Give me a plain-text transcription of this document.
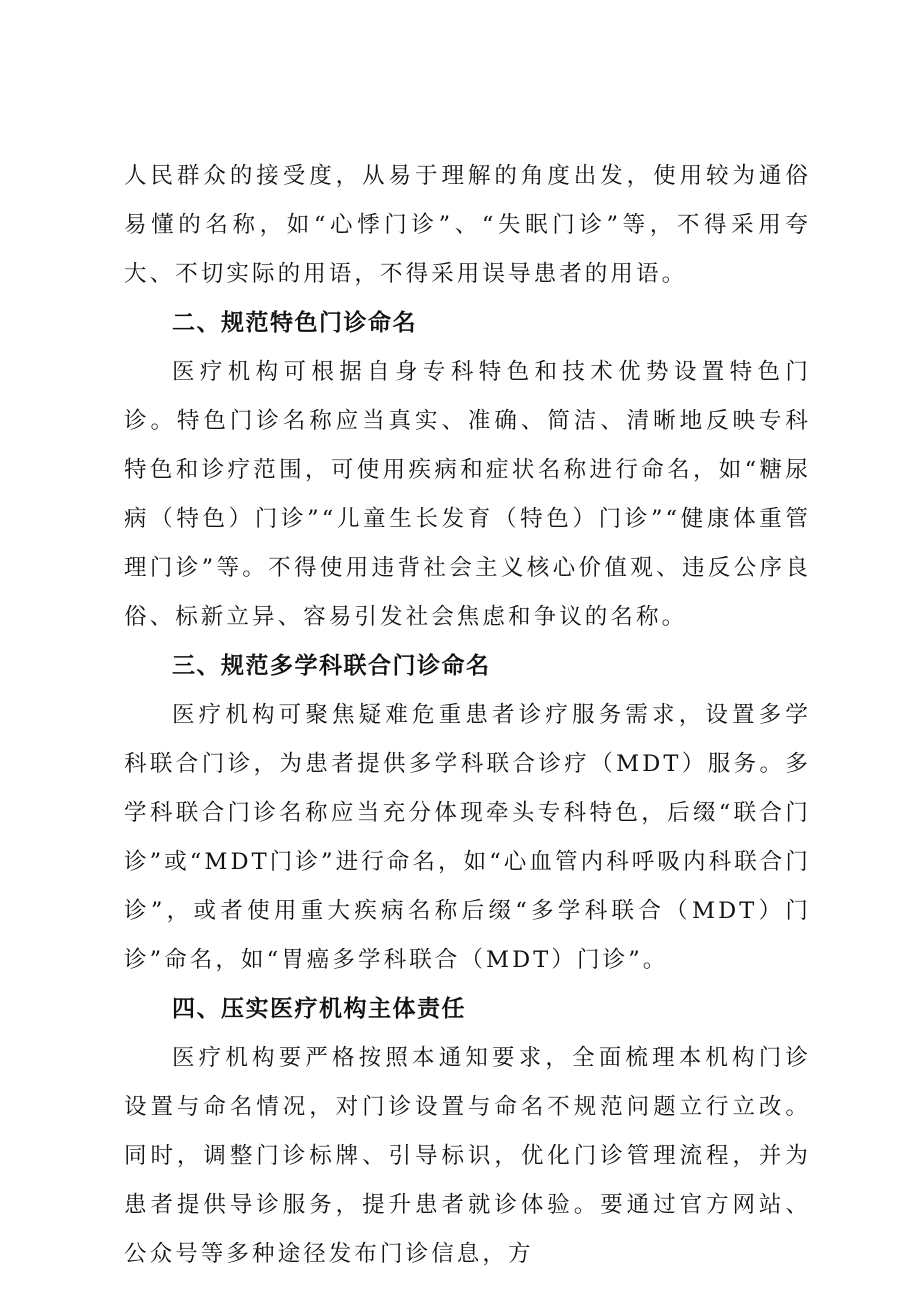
人民群众的接受度，从易于理解的角度出发，使用较为通俗易懂的名称，如“心悸门诊”、“失眠门诊”等，不得采用夸大、不切实际的用语，不得采用误导患者的用语。

二、规范特色门诊命名

医疗机构可根据自身专科特色和技术优势设置特色门诊。特色门诊名称应当真实、准确、简洁、清晰地反映专科特色和诊疗范围，可使用疾病和症状名称进行命名，如“糖尿病（特色）门诊”“儿童生长发育（特色）门诊”“健康体重管理门诊”等。不得使用违背社会主义核心价值观、违反公序良俗、标新立异、容易引发社会焦虑和争议的名称。

三、规范多学科联合门诊命名

医疗机构可聚焦疑难危重患者诊疗服务需求，设置多学科联合门诊，为患者提供多学科联合诊疗（MDT）服务。多学科联合门诊名称应当充分体现牵头专科特色，后缀“联合门诊”或“MDT门诊”进行命名，如“心血管内科呼吸内科联合门诊”，或者使用重大疾病名称后缀“多学科联合（MDT）门诊”命名，如“胃癌多学科联合（MDT）门诊”。

四、压实医疗机构主体责任

医疗机构要严格按照本通知要求，全面梳理本机构门诊设置与命名情况，对门诊设置与命名不规范问题立行立改。同时，调整门诊标牌、引导标识，优化门诊管理流程，并为患者提供导诊服务，提升患者就诊体验。要通过官方网站、公众号等多种途径发布门诊信息，方
